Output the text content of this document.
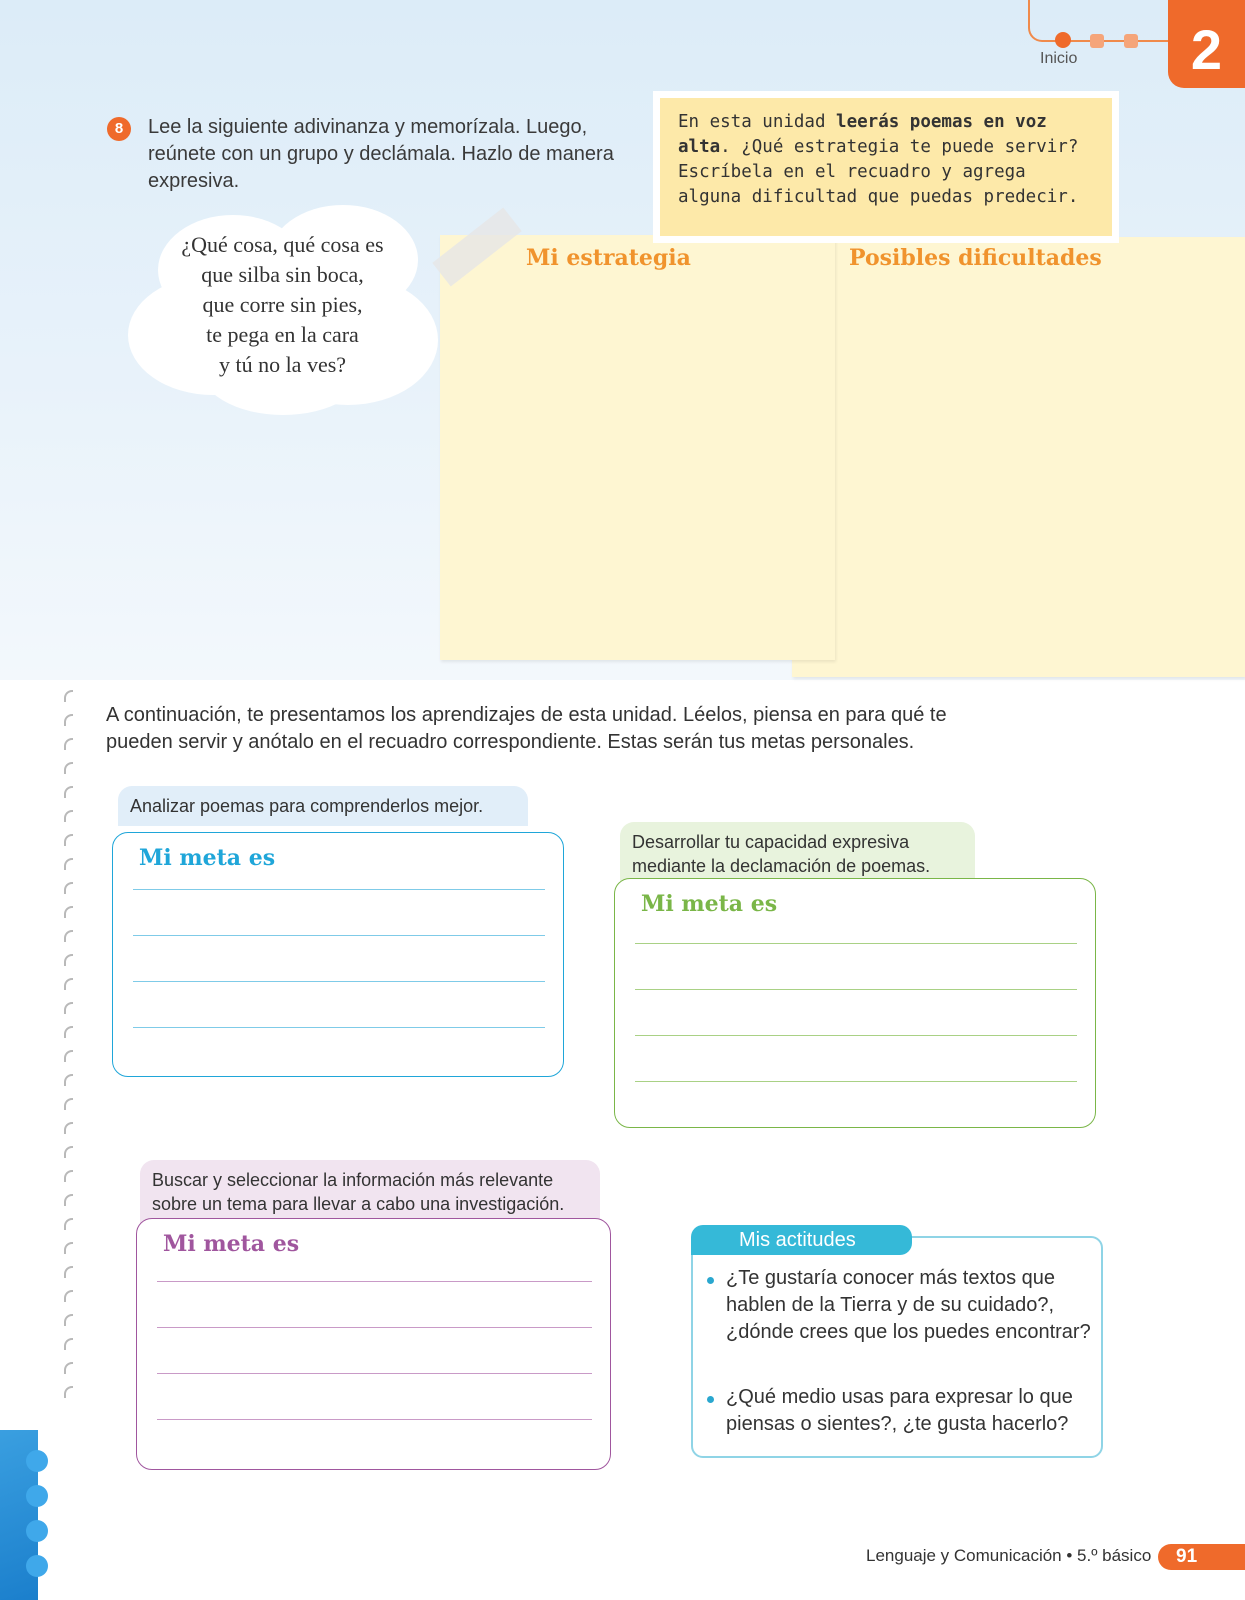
Inicio	2
8	Lee la siguiente adivinanza y memorízala. Luego, reúnete con un grupo y declámala. Hazlo de manera expresiva.
¿Qué cosa, qué cosa es
que silba sin boca,
que corre sin pies,
te pega en la cara
y tú no la ves?
Mi estrategia	Posibles dificultades
En esta unidad leerás poemas en voz alta. ¿Qué estrategia te puede servir? Escríbela en el recuadro y agrega alguna dificultad que puedas predecir.
A continuación, te presentamos los aprendizajes de esta unidad. Léelos, piensa en para qué te pueden servir y anótalo en el recuadro correspondiente. Estas serán tus metas personales.
Analizar poemas para comprenderlos mejor.
Mi meta es
Desarrollar tu capacidad expresiva mediante la declamación de poemas.
Mi meta es
Buscar y seleccionar la información más relevante sobre un tema para llevar a cabo una investigación.
Mi meta es
¿Te gustaría conocer más textos que hablen de la Tierra y de su cuidado?, ¿dónde crees que los puedes encontrar?
¿Qué medio usas para expresar lo que piensas o sientes?, ¿te gusta hacerlo?
Mis actitudes
Lenguaje y Comunicación • 5.º básico	91
